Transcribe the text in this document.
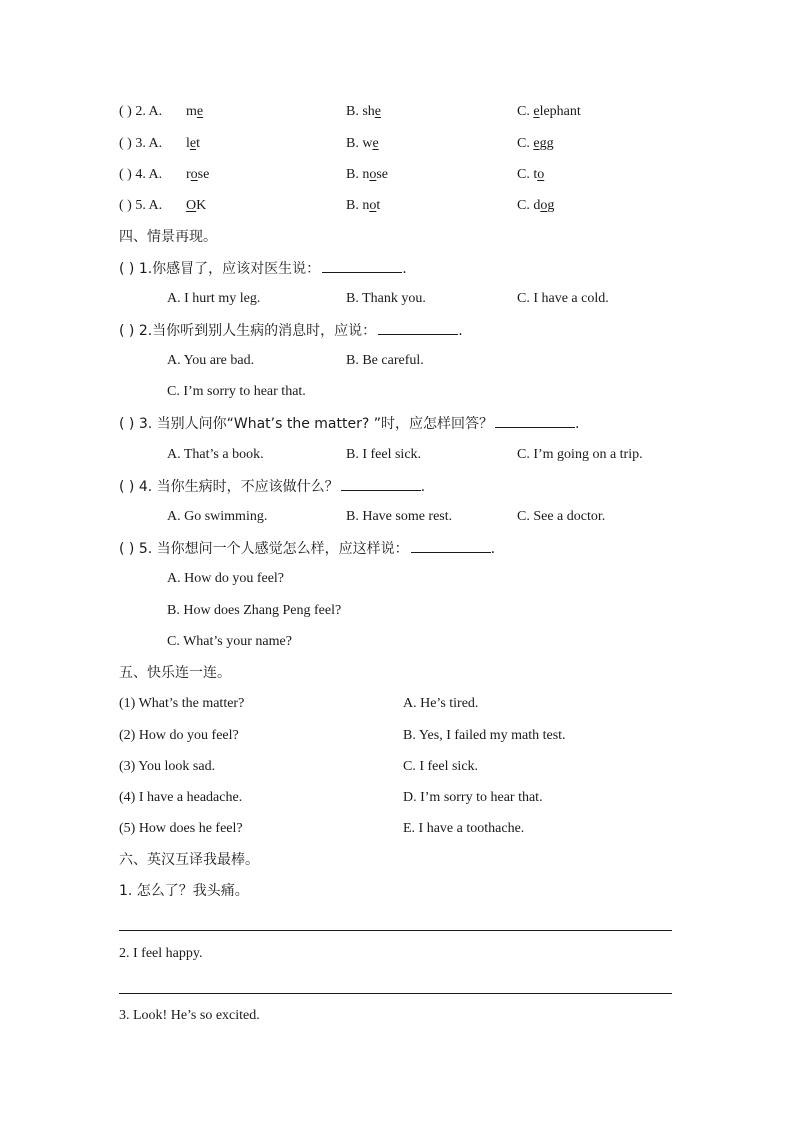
( ) 2. A. me	B. she	C. elephant
( ) 3. A. let	B. we	C. egg
( ) 4. A. rose	B. nose	C. to
( ) 5. A. OK	B. not	C. dog
四、情景再现。
( ) 1.你感冒了，应该对医生说：	.
A. I hurt my leg.	B. Thank you.	C. I have a cold.
( ) 2.当你听到别人生病的消息时，应说：	.
A. You are bad.	B. Be careful.
C. I’m sorry to hear that.
( ) 3. 当别人问你“What’s the matter? ”时，应怎样回答？	.
A. That’s a book.	B. I feel sick.	C. I’m going on a trip.
( ) 4. 当你生病时，不应该做什么？	.
A. Go swimming.	B. Have some rest.	C. See a doctor.
( ) 5. 当你想问一个人感觉怎么样，应这样说：	.
A. How do you feel?
B. How does Zhang Peng feel?
C. What’s your name?
五、快乐连一连。
(1) What’s the matter?	A. He’s tired.
(2) How do you feel?	B. Yes, I failed my math test.
(3) You look sad.	C. I feel sick.
(4) I have a headache.	D. I’m sorry to hear that.
(5) How does he feel?	E. I have a toothache.
六、英汉互译我最棒。
1. 怎么了？我头痛。
2. I feel happy.
3. Look! He’s so excited.
